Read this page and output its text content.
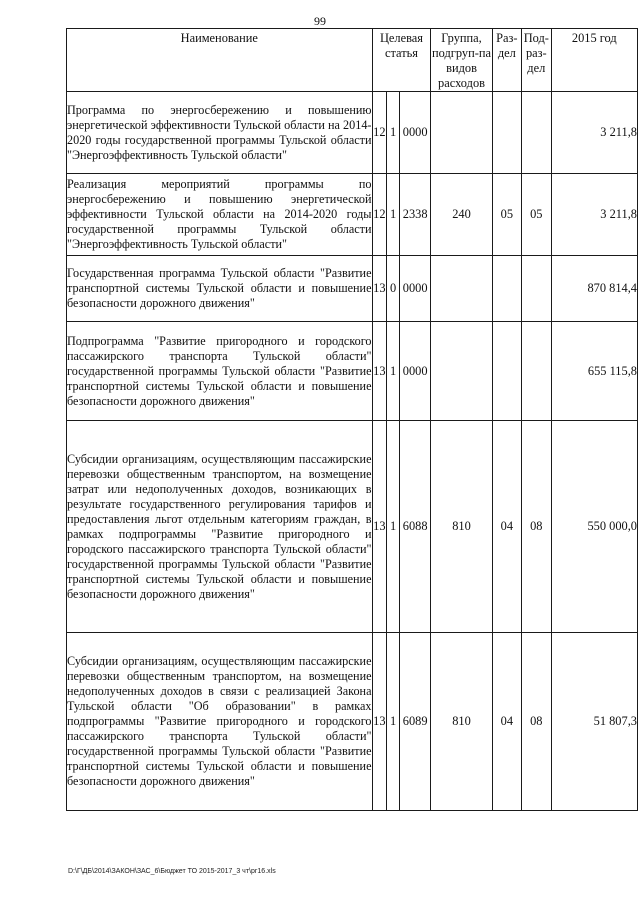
99
Наименование	Целевая статья			Группа, подгруп-па видов расходов	Раз-дел	Под-раз-дел	2015 год
Программа по энергосбережению и повышению энергетической эффективности Тульской области на 2014-2020 годы государственной программы Тульской области "Энергоэффективность Тульской области"	12	1	0000				3 211,8
Реализация мероприятий программы по энергосбережению и повышению энергетической эффективности Тульской области на 2014-2020 годы государственной программы Тульской области "Энергоэффективность Тульской области"	12	1	2338	240	05	05	3 211,8
Государственная программа Тульской области "Развитие транспортной системы Тульской области и повышение безопасности дорожного движения"	13	0	0000				870 814,4
Подпрограмма "Развитие пригородного и городского пассажирского транспорта Тульской области" государственной программы Тульской области "Развитие транспортной системы Тульской области и повышение безопасности дорожного движения"	13	1	0000				655 115,8
Субсидии организациям, осуществляющим пассажирские перевозки общественным транспортом, на возмещение затрат или недополученных доходов, возникающих в результате государственного регулирования тарифов и предоставления льгот отдельным категориям граждан, в рамках подпрограммы "Развитие пригородного и городского пассажирского транспорта Тульской области" государственной программы Тульской области "Развитие транспортной системы Тульской области и повышение безопасности дорожного движения"	13	1	6088	810	04	08	550 000,0
Субсидии организациям, осуществляющим пассажирские перевозки общественным транспортом, на возмещение недополученных доходов в связи с реализацией Закона Тульской области "Об образовании" в рамках подпрограммы "Развитие пригородного и городского пассажирского транспорта Тульской области" государственной программы Тульской области "Развитие транспортной системы Тульской области и повышение безопасности дорожного движения"	13	1	6089	810	04	08	51 807,3
D:\Г\ДБ\2014\ЗАКОН\ЗАС_6\Бюджет ТО 2015-2017_3 чт\рг16.xls
